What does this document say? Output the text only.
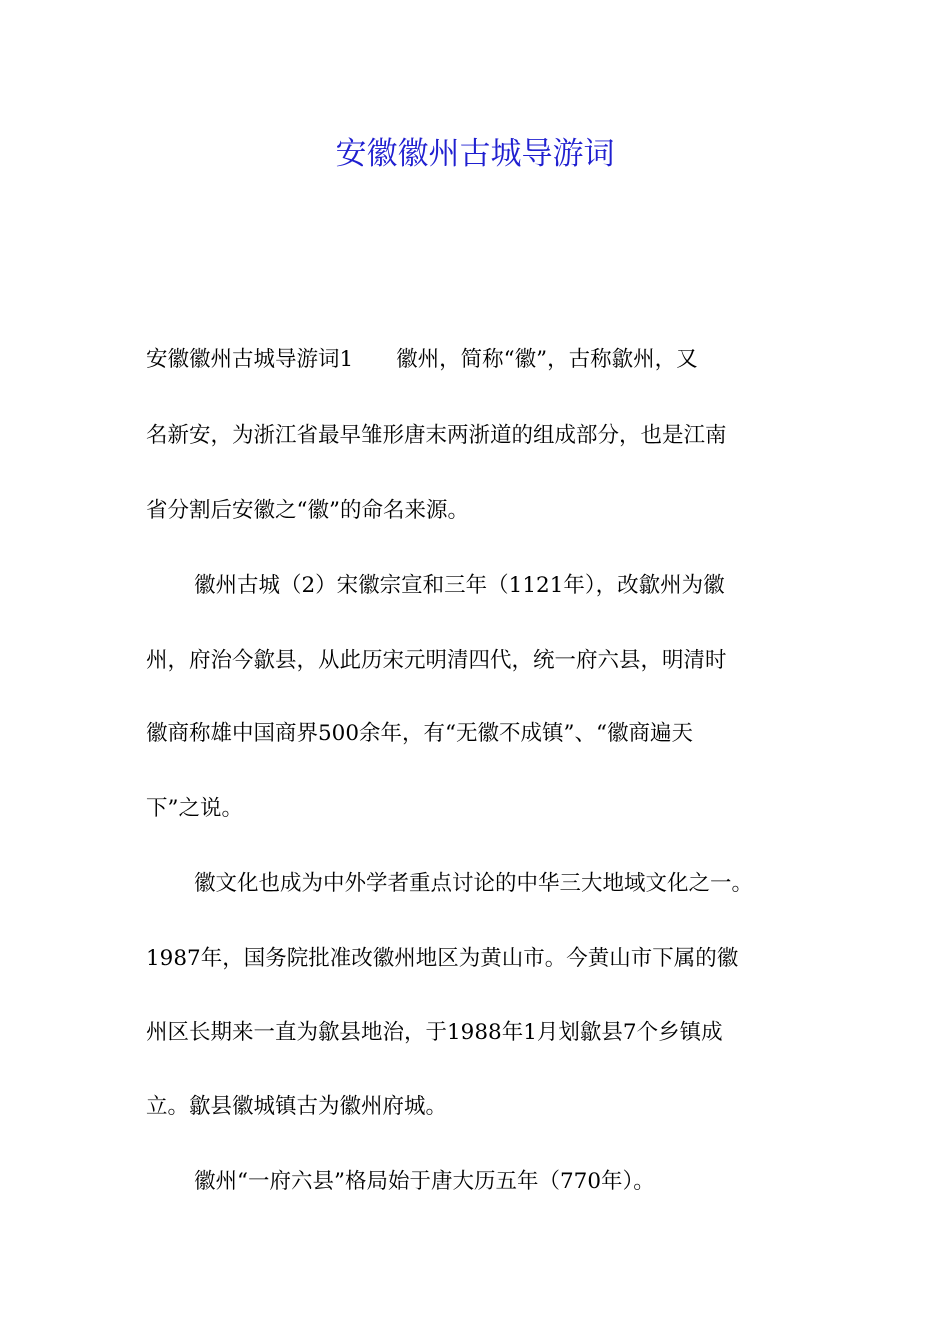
安徽徽州古城导游词

安徽徽州古城导游词1　　徽州，简称“徽”，古称歙州，又

名新安，为浙江省最早雏形唐末两浙道的组成部分，也是江南

省分割后安徽之“徽”的命名来源。

徽州古城（2）宋徽宗宣和三年（1121年），改歙州为徽

州，府治今歙县，从此历宋元明清四代，统一府六县，明清时

徽商称雄中国商界500余年，有“无徽不成镇”、“徽商遍天

下”之说。

徽文化也成为中外学者重点讨论的中华三大地域文化之一。

1987年，国务院批准改徽州地区为黄山市。今黄山市下属的徽

州区长期来一直为歙县地治，于1988年1月划歙县7个乡镇成

立。歙县徽城镇古为徽州府城。

徽州“一府六县”格局始于唐大历五年（770年）。
